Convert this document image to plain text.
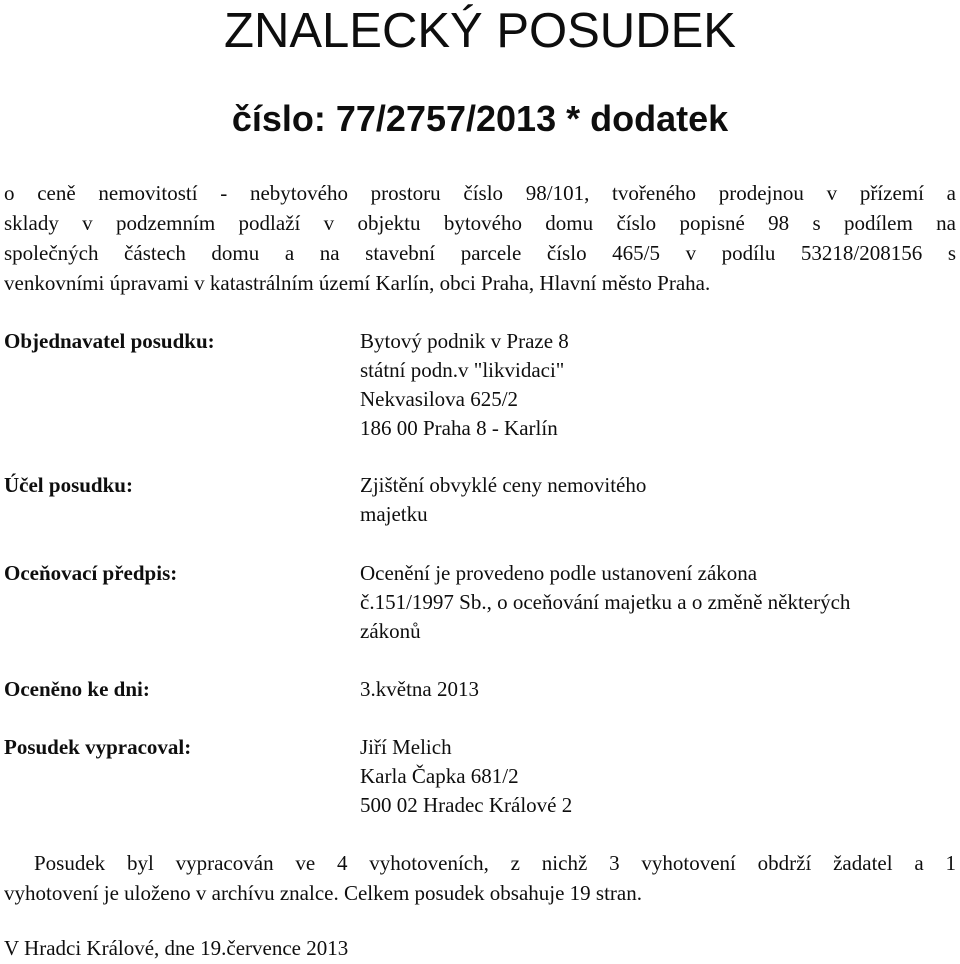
ZNALECKÝ POSUDEK
číslo: 77/2757/2013 * dodatek

o ceně nemovitostí - nebytového prostoru číslo 98/101, tvořeného prodejnou v přízemí a
sklady v podzemním podlaží v objektu bytového domu číslo popisné 98 s podílem na
společných částech domu a na stavební parcele číslo 465/5 v podílu 53218/208156 s
venkovními úpravami v katastrálním území Karlín, obci Praha, Hlavní město Praha.

Objednavatel posudku:	Bytový podnik v Praze 8
státní podn.v "likvidaci"
Nekvasilova 625/2
186 00 Praha 8 - Karlín
Účel posudku:	Zjištění obvyklé ceny nemovitého
majetku
Oceňovací předpis:	Ocenění je provedeno podle ustanovení zákona
č.151/1997 Sb., o oceňování majetku a o změně některých
zákonů
Oceněno ke dni:	3.května 2013
Posudek vypracoval:	Jiří Melich
Karla Čapka 681/2
500 02 Hradec Králové 2

Posudek byl vypracován ve 4 vyhotoveních, z nichž 3 vyhotovení obdrží žadatel a 1
vyhotovení je uloženo v archívu znalce. Celkem posudek obsahuje 19 stran.

V Hradci Králové, dne 19.července 2013
